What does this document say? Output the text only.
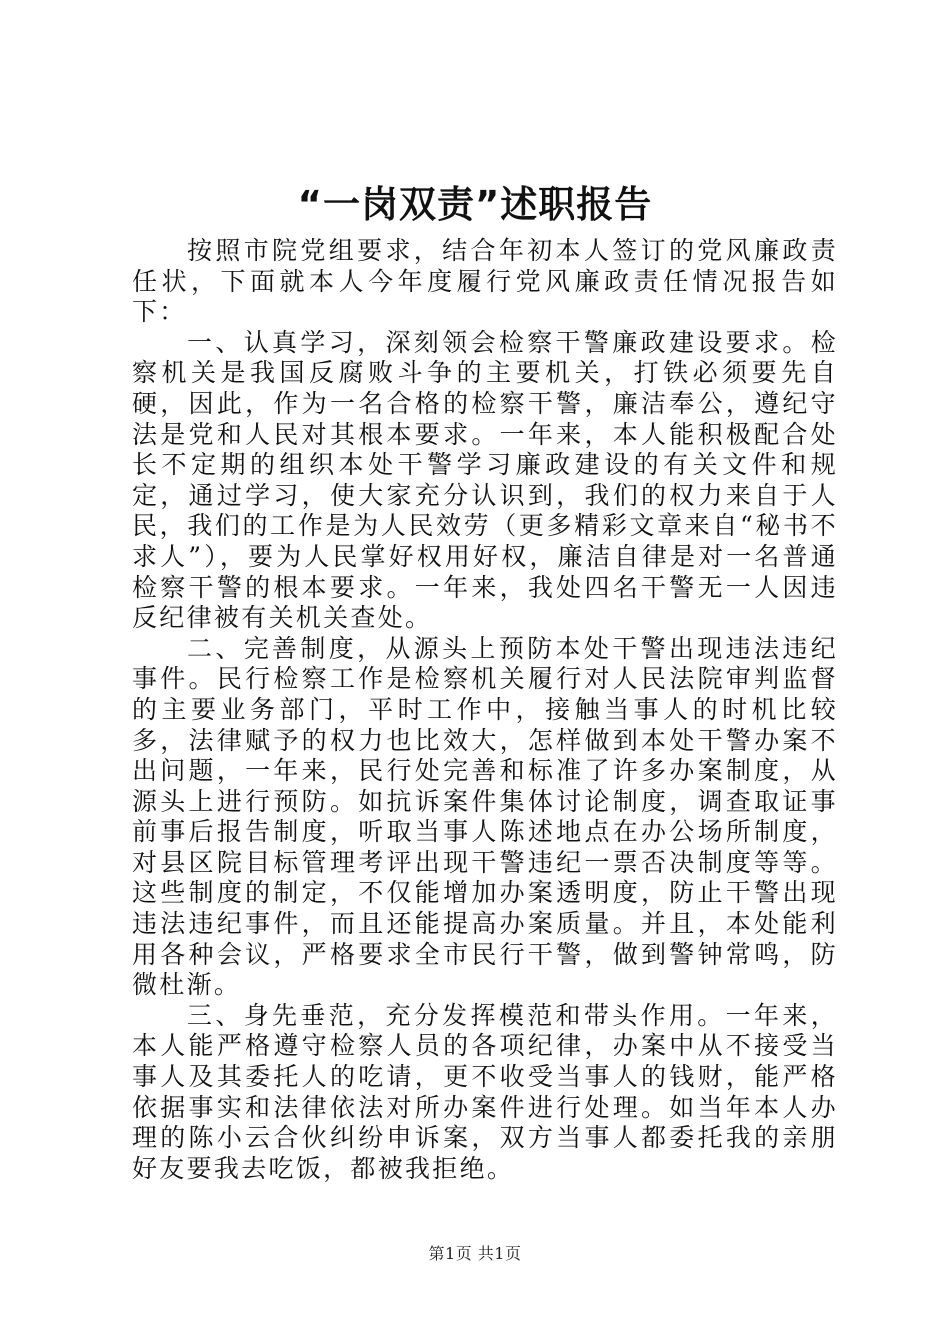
“一岗双责”述职报告

按照市院党组要求，结合年初本人签订的党风廉政责任状，下面就本人今年度履行党风廉政责任情况报告如下：

一、认真学习，深刻领会检察干警廉政建设要求。检察机关是我国反腐败斗争的主要机关，打铁必须要先自硬，因此，作为一名合格的检察干警，廉洁奉公，遵纪守法是党和人民对其根本要求。一年来，本人能积极配合处长不定期的组织本处干警学习廉政建设的有关文件和规定，通过学习，使大家充分认识到，我们的权力来自于人民，我们的工作是为人民效劳（更多精彩文章来自“秘书不求人”），要为人民掌好权用好权，廉洁自律是对一名普通检察干警的根本要求。一年来，我处四名干警无一人因违反纪律被有关机关查处。

二、完善制度，从源头上预防本处干警出现违法违纪事件。民行检察工作是检察机关履行对人民法院审判监督的主要业务部门，平时工作中，接触当事人的时机比较多，法律赋予的权力也比效大，怎样做到本处干警办案不出问题，一年来，民行处完善和标准了许多办案制度，从源头上进行预防。如抗诉案件集体讨论制度，调查取证事前事后报告制度，听取当事人陈述地点在办公场所制度，对县区院目标管理考评出现干警违纪一票否决制度等等。这些制度的制定，不仅能增加办案透明度，防止干警出现违法违纪事件，而且还能提高办案质量。并且，本处能利用各种会议，严格要求全市民行干警，做到警钟常鸣，防微杜渐。

三、身先垂范，充分发挥模范和带头作用。一年来，本人能严格遵守检察人员的各项纪律，办案中从不接受当事人及其委托人的吃请，更不收受当事人的钱财，能严格依据事实和法律依法对所办案件进行处理。如当年本人办理的陈小云合伙纠纷申诉案，双方当事人都委托我的亲朋好友要我去吃饭，都被我拒绝。

第1页 共1页
